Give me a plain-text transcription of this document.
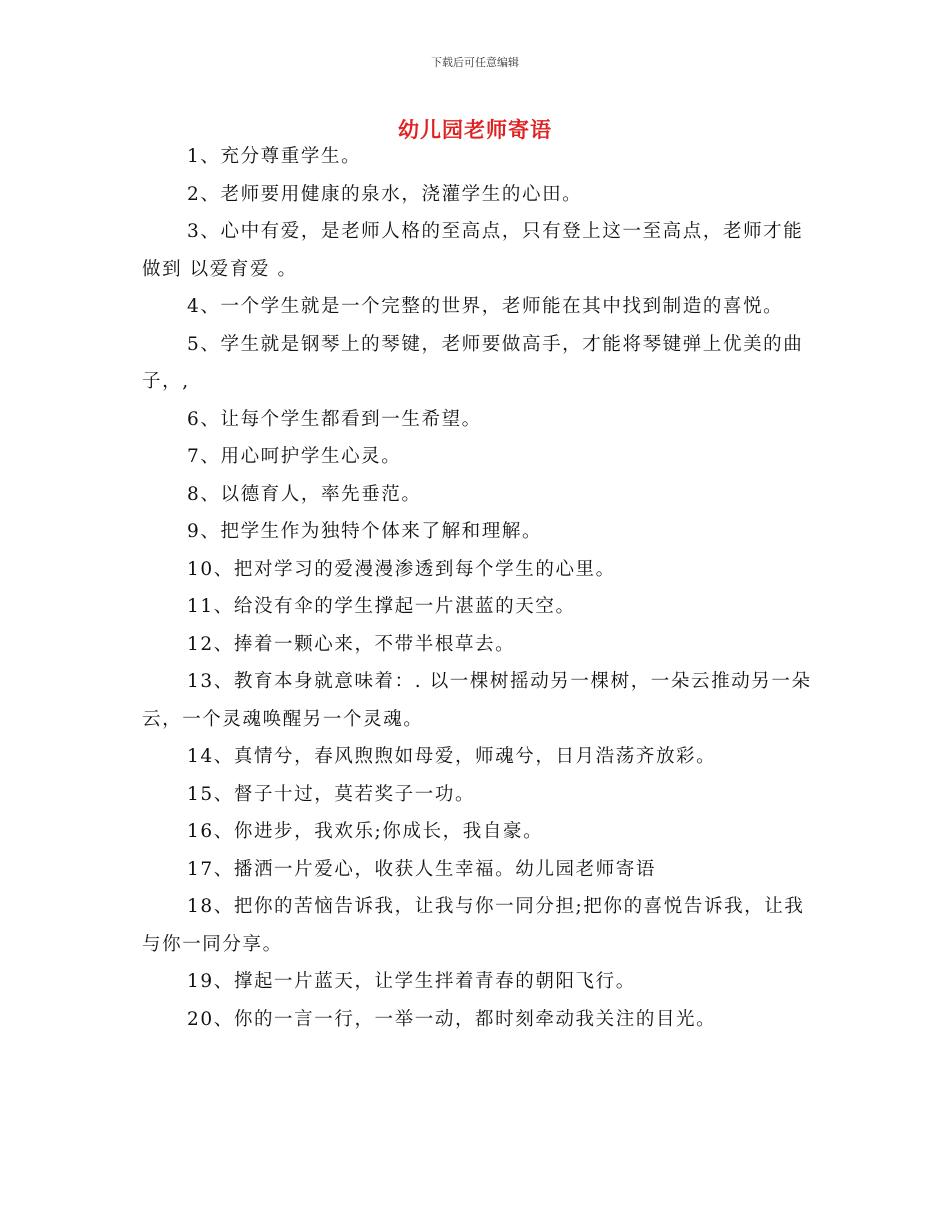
下载后可任意编辑
幼儿园老师寄语

1、充分尊重学生。

2、老师要用健康的泉水，浇灌学生的心田。

3、心中有爱，是老师人格的至高点，只有登上这一至高点，老师才能做到 以爱育爱 。

4、一个学生就是一个完整的世界，老师能在其中找到制造的喜悦。

5、学生就是钢琴上的琴键，老师要做高手，才能将琴键弹上优美的曲子，,

6、让每个学生都看到一生希望。

7、用心呵护学生心灵。

8、以德育人，率先垂范。

9、把学生作为独特个体来了解和理解。

10、把对学习的爱漫漫渗透到每个学生的心里。

11、给没有伞的学生撑起一片湛蓝的天空。

12、捧着一颗心来，不带半根草去。

13、教育本身就意味着：. 以一棵树摇动另一棵树，一朵云推动另一朵云，一个灵魂唤醒另一个灵魂。

14、真情兮，春风煦煦如母爱，师魂兮，日月浩荡齐放彩。

15、督子十过，莫若奖子一功。

16、你进步，我欢乐;你成长，我自豪。

17、播洒一片爱心，收获人生幸福。幼儿园老师寄语

18、把你的苦恼告诉我，让我与你一同分担;把你的喜悦告诉我，让我与你一同分享。

19、撑起一片蓝天，让学生拌着青春的朝阳飞行。

20、你的一言一行，一举一动，都时刻牵动我关注的目光。
